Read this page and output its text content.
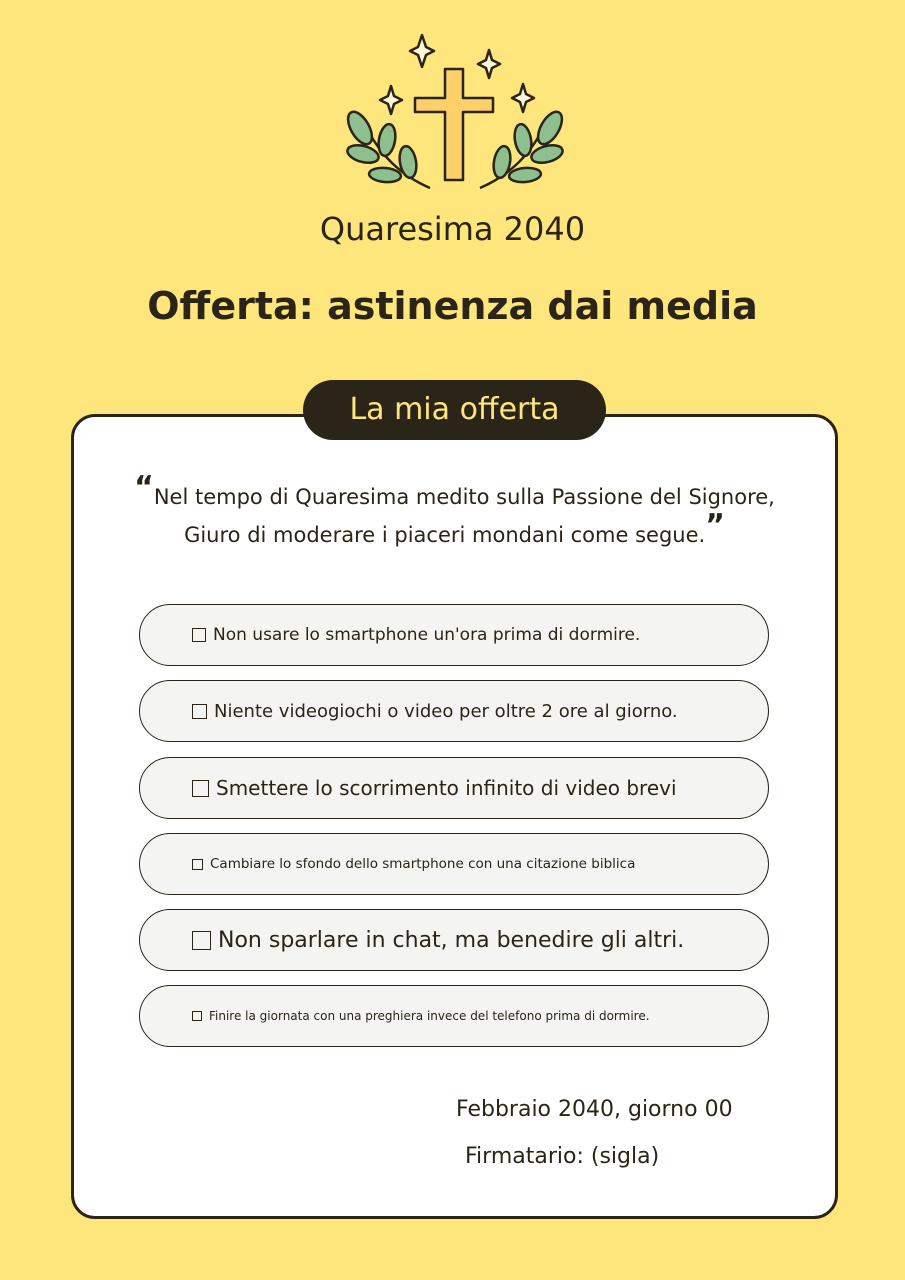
Quaresima 2040
Offerta: astinenza dai media
La mia offerta
“Nel tempo di Quaresima medito sulla Passione del Signore,
Giuro di moderare i piaceri mondani come segue.”
Non usare lo smartphone un'ora prima di dormire.
Niente videogiochi o video per oltre 2 ore al giorno.
Smettere lo scorrimento infinito di video brevi
Cambiare lo sfondo dello smartphone con una citazione biblica
Non sparlare in chat, ma benedire gli altri.
Finire la giornata con una preghiera invece del telefono prima di dormire.
Febbraio 2040, giorno 00
Firmatario: (sigla)
